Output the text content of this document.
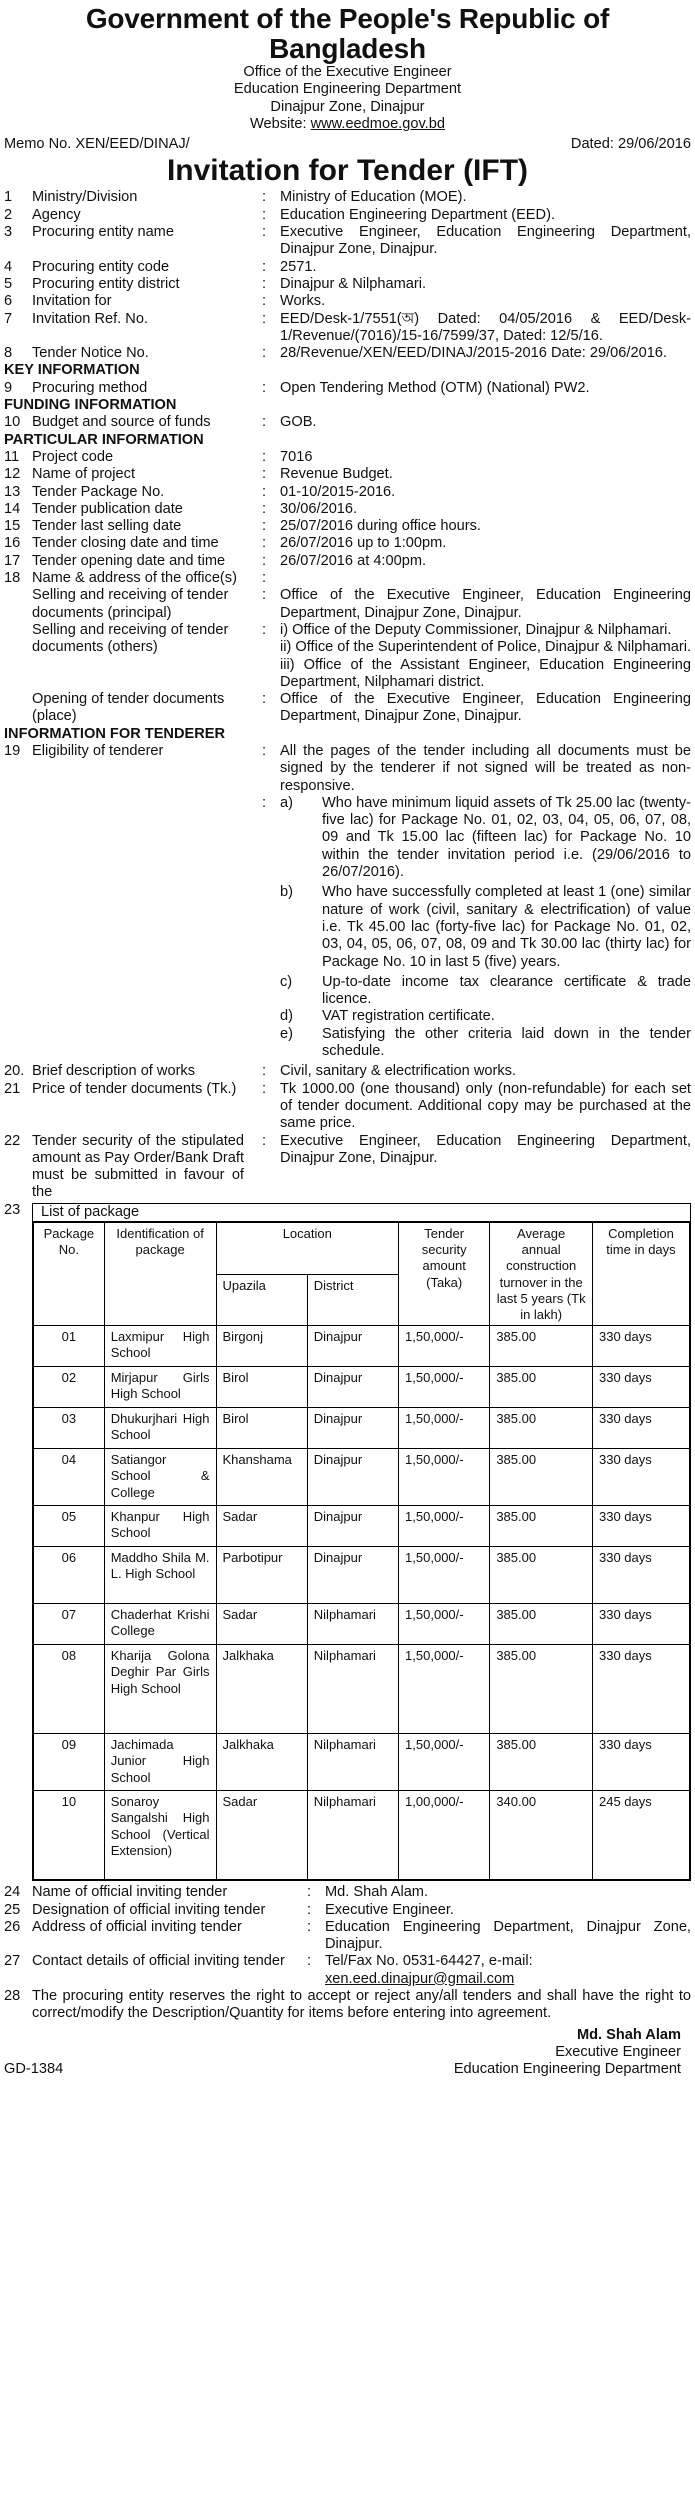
Government of the People's Republic of Bangladesh
Office of the Executive Engineer
Education Engineering Department
Dinajpur Zone, Dinajpur
Website: www.eedmoe.gov.bd
Memo No. XEN/EED/DINAJ/	Dated: 29/06/2016
Invitation for Tender (IFT)
1	Ministry/Division	: Ministry of Education (MOE).
2	Agency	: Education Engineering Department (EED).
3	Procuring entity name	: Executive Engineer, Education Engineering Department, Dinajpur Zone, Dinajpur.
4	Procuring entity code	: 2571.
5	Procuring entity district	: Dinajpur & Nilphamari.
6	Invitation for	: Works.
7	Invitation Ref. No.	: EED/Desk-1/7551(অ) Dated: 04/05/2016 & EED/Desk-1/Revenue/(7016)/15-16/7599/37, Dated: 12/5/16.
8	Tender Notice No.	: 28/Revenue/XEN/EED/DINAJ/2015-2016 Date: 29/06/2016.
KEY INFORMATION
9	Procuring method	: Open Tendering Method (OTM) (National) PW2.
FUNDING INFORMATION
10 Budget and source of funds	: GOB.
PARTICULAR INFORMATION
11 Project code	: 7016
12 Name of project	: Revenue Budget.
13 Tender Package No.	: 01-10/2015-2016.
14 Tender publication date	: 30/06/2016.
15 Tender last selling date	: 25/07/2016 during office hours.
16 Tender closing date and time	: 26/07/2016 up to 1:00pm.
17 Tender opening date and time	: 26/07/2016 at 4:00pm.
18 Name & address of the office(s)	:
Selling and receiving of tender documents (principal)
: Office of the Executive Engineer, Education Engineering Department, Dinajpur Zone, Dinajpur.
Selling and receiving of tender documents (others)
: i) Office of the Deputy Commissioner, Dinajpur & Nilphamari.
ii) Office of the Superintendent of Police, Dinajpur & Nilphamari.
iii) Office of the Assistant Engineer, Education Engineering Department, Nilphamari district.
Opening of tender documents (place)
: Office of the Executive Engineer, Education Engineering Department, Dinajpur Zone, Dinajpur.
INFORMATION FOR TENDERER
19 Eligibility of tenderer	: All the pages of the tender including all documents must be signed by the tenderer if not signed will be treated as non-responsive.
: a)	Who have minimum liquid assets of Tk 25.00 lac (twenty-five lac) for Package No. 01, 02, 03, 04, 05, 06, 07, 08, 09 and Tk 15.00 lac (fifteen lac) for Package No. 10 within the tender invitation period i.e. (29/06/2016 to 26/07/2016).
b)	Who have successfully completed at least 1 (one) similar nature of work (civil, sanitary & electrification) of value i.e. Tk 45.00 lac (forty-five lac) for Package No. 01, 02, 03, 04, 05, 06, 07, 08, 09 and Tk 30.00 lac (thirty lac) for Package No. 10 in last 5 (five) years.
c)	Up-to-date income tax clearance certificate & trade licence.
d)	VAT registration certificate.
e)	Satisfying the other criteria laid down in the tender schedule.
20. Brief description of works	: Civil, sanitary & electrification works.
21 Price of tender documents (Tk.)	: Tk 1000.00 (one thousand) only (non-refundable) for each set of tender document. Additional copy may be purchased at the same price.
22 Tender security of the stipulated amount as Pay Order/Bank Draft must be submitted in favour of the
: Executive Engineer, Education Engineering Department, Dinajpur Zone, Dinajpur.
23	List of package
Package No.	Identification of package	Location		Tender security amount (Taka)	Average annual construction turnover in the last 5 years (Tk in lakh)	Completion time in days
		Upazila	District			
01	Laxmipur High School	Birgonj	Dinajpur	1,50,000/-	385.00	330 days
02	Mirjapur Girls High School	Birol	Dinajpur	1,50,000/-	385.00	330 days
03	Dhukurjhari High School	Birol	Dinajpur	1,50,000/-	385.00	330 days
04	Satiangor School & College	Khanshama	Dinajpur	1,50,000/-	385.00	330 days
05	Khanpur High School	Sadar	Dinajpur	1,50,000/-	385.00	330 days
06	Maddho Shila M. L. High School	Parbotipur	Dinajpur	1,50,000/-	385.00	330 days
07	Chaderhat Krishi College	Sadar	Nilphamari	1,50,000/-	385.00	330 days
08	Kharija Golona Deghir Par Girls High School	Jalkhaka	Nilphamari	1,50,000/-	385.00	330 days
09	Jachimada Junior High School	Jalkhaka	Nilphamari	1,50,000/-	385.00	330 days
10	Sonaroy Sangalshi High School (Vertical Extension)	Sadar	Nilphamari	1,00,000/-	340.00	245 days
24 Name of official inviting tender	: Md. Shah Alam.
25 Designation of official inviting tender	: Executive Engineer.
26 Address of official inviting tender	: Education Engineering Department, Dinajpur Zone, Dinajpur.
27 Contact details of official inviting tender	: Tel/Fax No. 0531-64427, e-mail:
xen.eed.dinajpur@gmail.com
28 The procuring entity reserves the right to accept or reject any/all tenders and shall have the right to correct/modify the Description/Quantity for items before entering into agreement.
Md. Shah Alam
Executive Engineer
GD-1384	Education Engineering Department
